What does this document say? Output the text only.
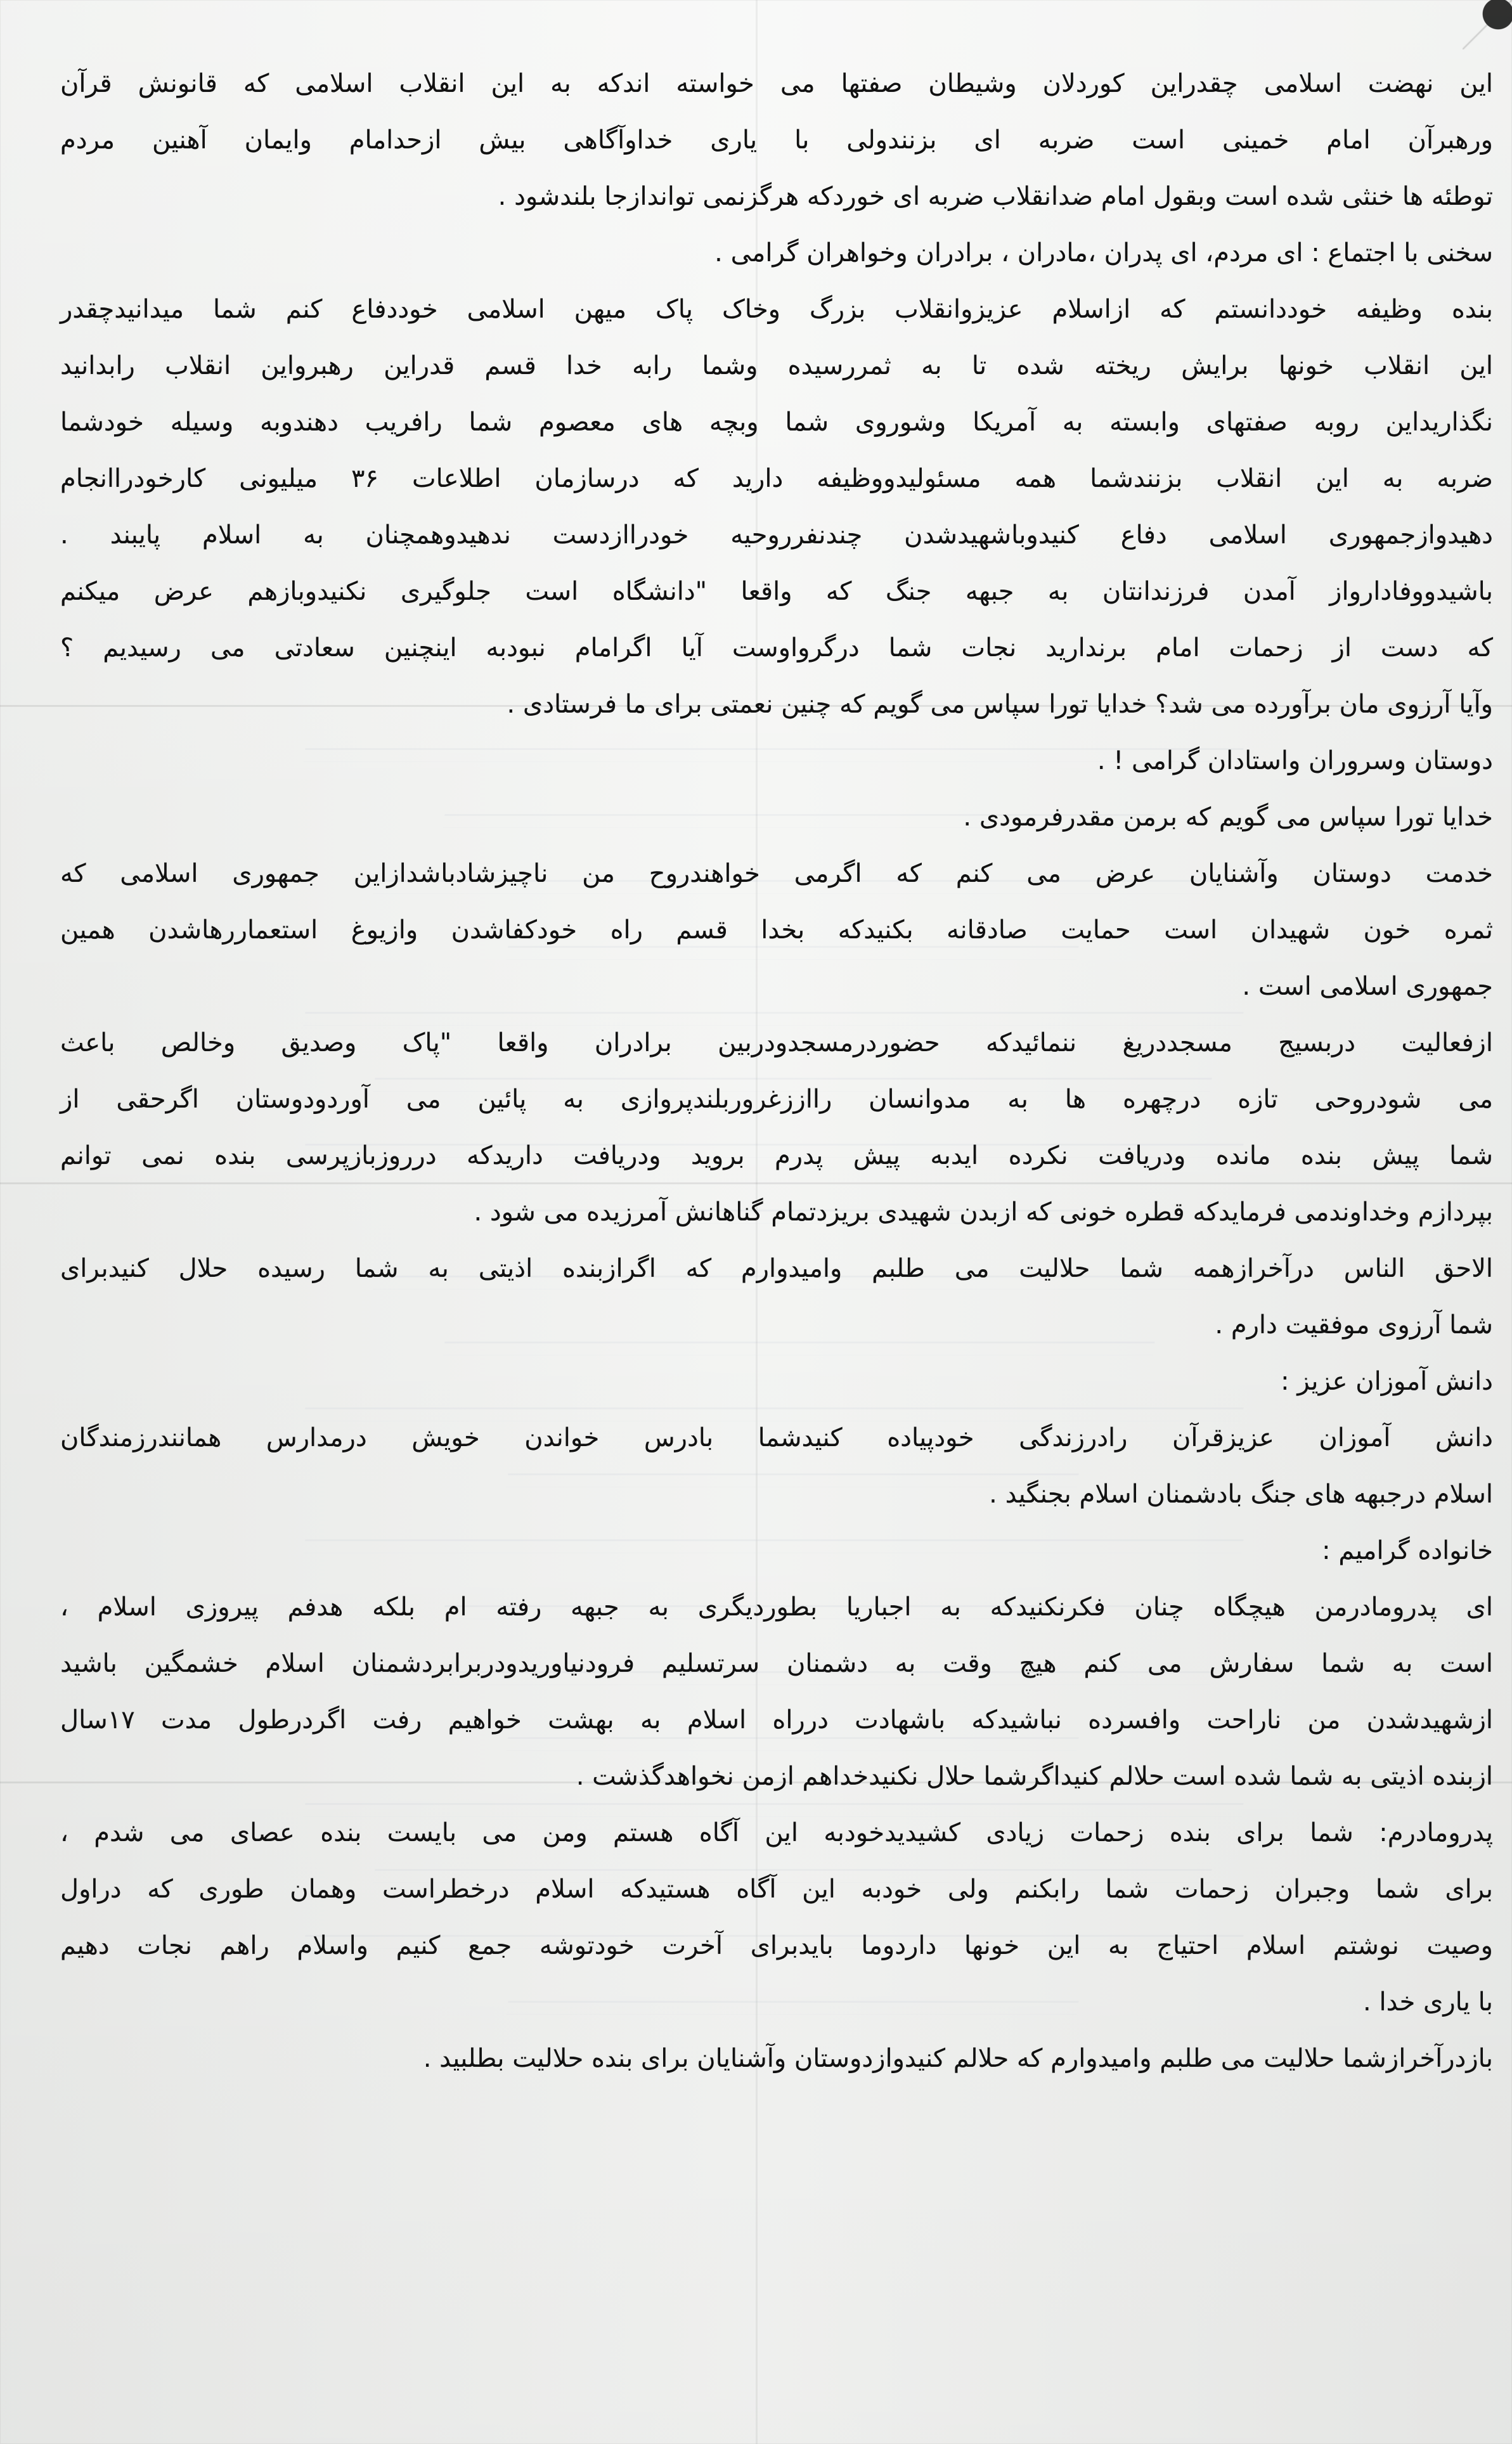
این نهضت اسلامی چقدراین کوردلان وشیطان صفتها می خواسته اندکه به این انقلاب اسلامی که قانونش قرآن
ورهبرآن امام خمینی است ضربه ای بزنندولی با یاری خداوآگاهی بیش ازحدامام وایمان آهنین مردم
توطئه ها خنثی شده است وبقول امام ضدانقلاب ضربه ای خوردکه هرگزنمی تواندازجا بلندشود .
سخنی با اجتماع : ای مردم، ای پدران ،مادران ، برادران وخواهران گرامی .
بنده وظیفه خوددانستم که ازاسلام عزیزوانقلاب بزرگ وخاک پاک میهن اسلامی خوددفاع کنم شما میدانیدچقدر
این انقلاب خونها برایش ریخته شده تا به ثمررسیده وشما رابه خدا قسم قدراین رهبرواین انقلاب رابدانید
نگذاریداین روبه صفتهای وابسته به آمریکا وشوروی شما وبچه های معصوم شما رافریب دهندوبه وسیله خودشما
ضربه به این انقلاب بزنندشما همه مسئولیدووظیفه دارید که درسازمان اطلاعات ۳۶ میلیونی کارخودراانجام
دهیدوازجمهوری اسلامی دفاع کنیدوباشهیدشدن چندنفرروحیه خودراازدست ندهیدوهمچنان به اسلام پایبند .
باشیدووفادارواز آمدن فرزندانتان به جبهه جنگ که واقعا "دانشگاه است جلوگیری نکنیدوبازهم عرض میکنم
که دست از زحمات امام برندارید نجات شما درگرواوست آیا اگرامام نبودبه اینچنین سعادتی می رسیدیم ؟
وآیا آرزوی مان برآورده می شد؟ خدایا تورا سپاس می گویم که چنین نعمتی برای ما فرستادی .
دوستان وسروران واستادان گرامی ! .
خدایا تورا سپاس می گویم که برمن مقدرفرمودی .
خدمت دوستان وآشنایان عرض می کنم که اگرمی خواهندروح من ناچیزشادباشدازاین جمهوری اسلامی که
ثمره خون شهیدان است حمایت صادقانه بکنیدکه بخدا قسم راه خودکفاشدن وازیوغ استعماررهاشدن همین
جمهوری اسلامی است .
ازفعالیت دربسیج مسجددریغ ننمائیدکه حضوردرمسجدودربین برادران واقعا "پاک وصدیق وخالص باعث
می شودروحی تازه درچهره ها به مدوانسان رااززغروربلندپروازی به پائین می آوردودوستان اگرحقی از
شما پیش بنده مانده ودریافت نکرده ایدبه پیش پدرم بروید ودریافت داریدکه درروزبازپرسی بنده نمی توانم
بپردازم وخداوندمی فرمایدکه قطره خونی که ازبدن شهیدی بریزدتمام گناهانش آمرزیده می شود .
الاحق الناس درآخرازهمه شما حلالیت می طلبم وامیدوارم که اگرازبنده اذیتی به شما رسیده حلال کنیدبرای
شما آرزوی موفقیت دارم .
دانش آموزان عزیز :
دانش آموزان عزیزقرآن رادرزندگی خودپیاده کنیدشما بادرس خواندن خویش درمدارس همانندرزمندگان
اسلام درجبهه های جنگ بادشمنان اسلام بجنگید .
خانواده گرامیم :
ای پدرومادرمن هیچگاه چنان فکرنکنیدکه به اجباریا بطوردیگری به جبهه رفته ام بلکه هدفم پیروزی اسلام ،
است به شما سفارش می کنم هیچ وقت به دشمنان سرتسلیم فرودنیاوریدودربرابردشمنان اسلام خشمگین باشید
ازشهیدشدن من ناراحت وافسرده نباشیدکه باشهادت درراه اسلام به بهشت خواهیم رفت اگردرطول مدت ۱۷سال
ازبنده اذیتی به شما شده است حلالم کنیداگرشما حلال نکنیدخداهم ازمن نخواهدگذشت .
پدرومادرم: شما برای بنده زحمات زیادی کشیدیدخودبه این آگاه هستم ومن می بایست بنده عصای می شدم ،
برای شما وجبران زحمات شما رابکنم ولی خودبه این آگاه هستیدکه اسلام درخطراست وهمان طوری که دراول
وصیت نوشتم اسلام احتیاج به این خونها داردوما بایدبرای آخرت خودتوشه جمع کنیم واسلام راهم نجات دهیم
با یاری خدا .
بازدرآخرازشما حلالیت می طلبم وامیدوارم که حلالم کنیدوازدوستان وآشنایان برای بنده حلالیت بطلبید .
